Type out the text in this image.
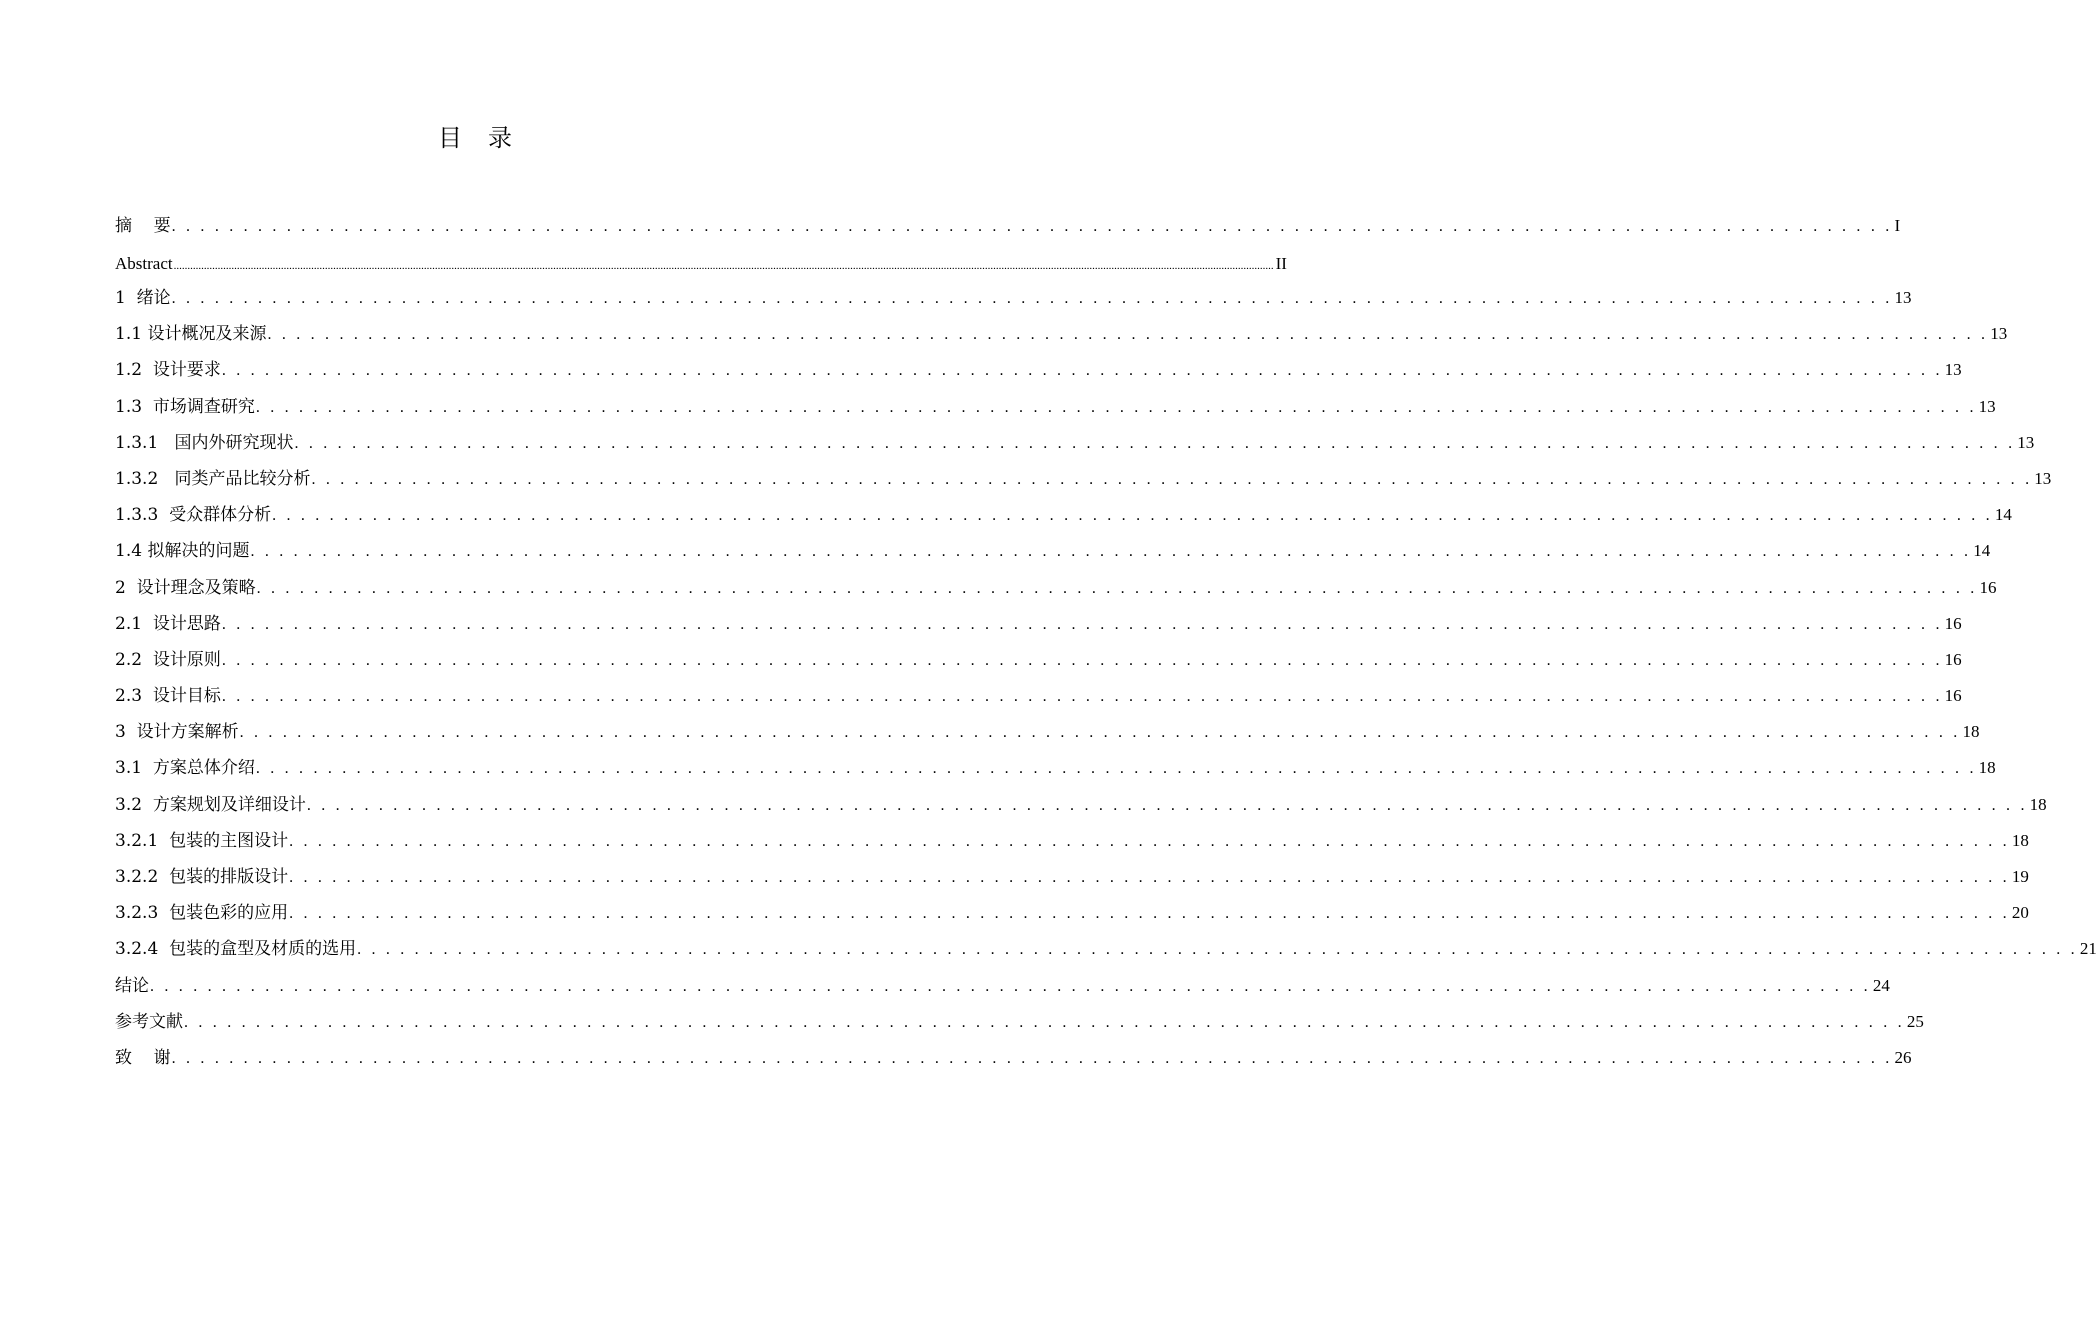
目录
摘    要 . . . . . . . . . . . . . . . . . . . . . . . . . . . . . . . . . . . . . . . . . . . . . . . . . . . . . . . . . . . . . . . . . . . . . . . . . . . . . . . . . . . . . . . . . . . . . . . . . . . . . . . . . . . . . . . . . . . . . . . . I
Abstract ................................................................................................................................................................................................................................................................................................................................................................................................................ II
1  绪论 . . . . . . . . . . . . . . . . . . . . . . . . . . . . . . . . . . . . . . . . . . . . . . . . . . . . . . . . . . . . . . . . . . . . . . . . . . . . . . . . . . . . . . . . . . . . . . . . . . . . . . . . . . . . . . . . . . . . . . . . 13
1.1 设计概况及来源 . . . . . . . . . . . . . . . . . . . . . . . . . . . . . . . . . . . . . . . . . . . . . . . . . . . . . . . . . . . . . . . . . . . . . . . . . . . . . . . . . . . . . . . . . . . . . . . . . . . . . . . . . . . . . . . . . . . . . . . . 13
1.2  设计要求 . . . . . . . . . . . . . . . . . . . . . . . . . . . . . . . . . . . . . . . . . . . . . . . . . . . . . . . . . . . . . . . . . . . . . . . . . . . . . . . . . . . . . . . . . . . . . . . . . . . . . . . . . . . . . . . . . . . . . . . . 13
1.3  市场调查研究 . . . . . . . . . . . . . . . . . . . . . . . . . . . . . . . . . . . . . . . . . . . . . . . . . . . . . . . . . . . . . . . . . . . . . . . . . . . . . . . . . . . . . . . . . . . . . . . . . . . . . . . . . . . . . . . . . . . . . . . . 13
1.3.1   国内外研究现状 . . . . . . . . . . . . . . . . . . . . . . . . . . . . . . . . . . . . . . . . . . . . . . . . . . . . . . . . . . . . . . . . . . . . . . . . . . . . . . . . . . . . . . . . . . . . . . . . . . . . . . . . . . . . . . . . . . . . . . . . 13
1.3.2   同类产品比较分析 . . . . . . . . . . . . . . . . . . . . . . . . . . . . . . . . . . . . . . . . . . . . . . . . . . . . . . . . . . . . . . . . . . . . . . . . . . . . . . . . . . . . . . . . . . . . . . . . . . . . . . . . . . . . . . . . . . . . . . . . 13
1.3.3  受众群体分析 . . . . . . . . . . . . . . . . . . . . . . . . . . . . . . . . . . . . . . . . . . . . . . . . . . . . . . . . . . . . . . . . . . . . . . . . . . . . . . . . . . . . . . . . . . . . . . . . . . . . . . . . . . . . . . . . . . . . . . . . 14
1.4 拟解决的问题 . . . . . . . . . . . . . . . . . . . . . . . . . . . . . . . . . . . . . . . . . . . . . . . . . . . . . . . . . . . . . . . . . . . . . . . . . . . . . . . . . . . . . . . . . . . . . . . . . . . . . . . . . . . . . . . . . . . . . . . . 14
2  设计理念及策略 . . . . . . . . . . . . . . . . . . . . . . . . . . . . . . . . . . . . . . . . . . . . . . . . . . . . . . . . . . . . . . . . . . . . . . . . . . . . . . . . . . . . . . . . . . . . . . . . . . . . . . . . . . . . . . . . . . . . . . . . 16
2.1  设计思路 . . . . . . . . . . . . . . . . . . . . . . . . . . . . . . . . . . . . . . . . . . . . . . . . . . . . . . . . . . . . . . . . . . . . . . . . . . . . . . . . . . . . . . . . . . . . . . . . . . . . . . . . . . . . . . . . . . . . . . . . 16
2.2  设计原则 . . . . . . . . . . . . . . . . . . . . . . . . . . . . . . . . . . . . . . . . . . . . . . . . . . . . . . . . . . . . . . . . . . . . . . . . . . . . . . . . . . . . . . . . . . . . . . . . . . . . . . . . . . . . . . . . . . . . . . . . 16
2.3  设计目标 . . . . . . . . . . . . . . . . . . . . . . . . . . . . . . . . . . . . . . . . . . . . . . . . . . . . . . . . . . . . . . . . . . . . . . . . . . . . . . . . . . . . . . . . . . . . . . . . . . . . . . . . . . . . . . . . . . . . . . . . 16
3  设计方案解析 . . . . . . . . . . . . . . . . . . . . . . . . . . . . . . . . . . . . . . . . . . . . . . . . . . . . . . . . . . . . . . . . . . . . . . . . . . . . . . . . . . . . . . . . . . . . . . . . . . . . . . . . . . . . . . . . . . . . . . . . 18
3.1  方案总体介绍 . . . . . . . . . . . . . . . . . . . . . . . . . . . . . . . . . . . . . . . . . . . . . . . . . . . . . . . . . . . . . . . . . . . . . . . . . . . . . . . . . . . . . . . . . . . . . . . . . . . . . . . . . . . . . . . . . . . . . . . . 18
3.2  方案规划及详细设计 . . . . . . . . . . . . . . . . . . . . . . . . . . . . . . . . . . . . . . . . . . . . . . . . . . . . . . . . . . . . . . . . . . . . . . . . . . . . . . . . . . . . . . . . . . . . . . . . . . . . . . . . . . . . . . . . . . . . . . . . 18
3.2.1  包装的主图设计 . . . . . . . . . . . . . . . . . . . . . . . . . . . . . . . . . . . . . . . . . . . . . . . . . . . . . . . . . . . . . . . . . . . . . . . . . . . . . . . . . . . . . . . . . . . . . . . . . . . . . . . . . . . . . . . . . . . . . . . . 18
3.2.2  包装的排版设计 . . . . . . . . . . . . . . . . . . . . . . . . . . . . . . . . . . . . . . . . . . . . . . . . . . . . . . . . . . . . . . . . . . . . . . . . . . . . . . . . . . . . . . . . . . . . . . . . . . . . . . . . . . . . . . . . . . . . . . . . 19
3.2.3  包装色彩的应用 . . . . . . . . . . . . . . . . . . . . . . . . . . . . . . . . . . . . . . . . . . . . . . . . . . . . . . . . . . . . . . . . . . . . . . . . . . . . . . . . . . . . . . . . . . . . . . . . . . . . . . . . . . . . . . . . . . . . . . . . 20
3.2.4  包装的盒型及材质的选用 . . . . . . . . . . . . . . . . . . . . . . . . . . . . . . . . . . . . . . . . . . . . . . . . . . . . . . . . . . . . . . . . . . . . . . . . . . . . . . . . . . . . . . . . . . . . . . . . . . . . . . . . . . . . . . . . . . . . . . . . 21
结论 . . . . . . . . . . . . . . . . . . . . . . . . . . . . . . . . . . . . . . . . . . . . . . . . . . . . . . . . . . . . . . . . . . . . . . . . . . . . . . . . . . . . . . . . . . . . . . . . . . . . . . . . . . . . . . . . . . . . . . . . 24
参考文献 . . . . . . . . . . . . . . . . . . . . . . . . . . . . . . . . . . . . . . . . . . . . . . . . . . . . . . . . . . . . . . . . . . . . . . . . . . . . . . . . . . . . . . . . . . . . . . . . . . . . . . . . . . . . . . . . . . . . . . . . 25
致    谢 . . . . . . . . . . . . . . . . . . . . . . . . . . . . . . . . . . . . . . . . . . . . . . . . . . . . . . . . . . . . . . . . . . . . . . . . . . . . . . . . . . . . . . . . . . . . . . . . . . . . . . . . . . . . . . . . . . . . . . . . 26
